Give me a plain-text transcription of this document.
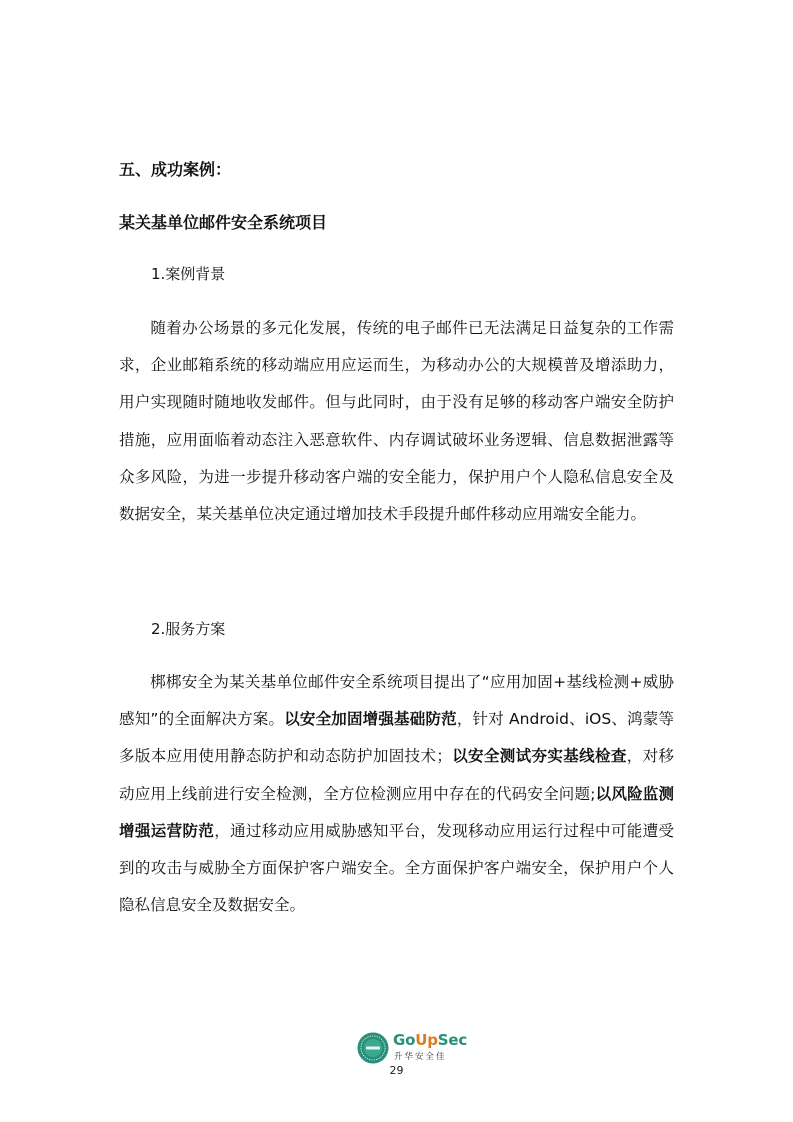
五、成功案例：
某关基单位邮件安全系统项目
1.案例背景
随着办公场景的多元化发展，传统的电子邮件已无法满足日益复杂的工作需求，企业邮箱系统的移动端应用应运而生，为移动办公的大规模普及增添助力，用户实现随时随地收发邮件。但与此同时，由于没有足够的移动客户端安全防护措施，应用面临着动态注入恶意软件、内存调试破坏业务逻辑、信息数据泄露等众多风险，为进一步提升移动客户端的安全能力，保护用户个人隐私信息安全及数据安全，某关基单位决定通过增加技术手段提升邮件移动应用端安全能力。
2.服务方案
梆梆安全为某关基单位邮件安全系统项目提出了“应用加固+基线检测+威胁感知”的全面解决方案。以安全加固增强基础防范，针对 Android、iOS、鸿蒙等多版本应用使用静态防护和动态防护加固技术；以安全测试夯实基线检查，对移动应用上线前进行安全检测，全方位检测应用中存在的代码安全问题;以风险监测增强运营防范，通过移动应用威胁感知平台，发现移动应用运行过程中可能遭受到的攻击与威胁全方面保护客户端安全。全方面保护客户端安全，保护用户个人隐私信息安全及数据安全。
GoUpSec
升华安全佳
29
